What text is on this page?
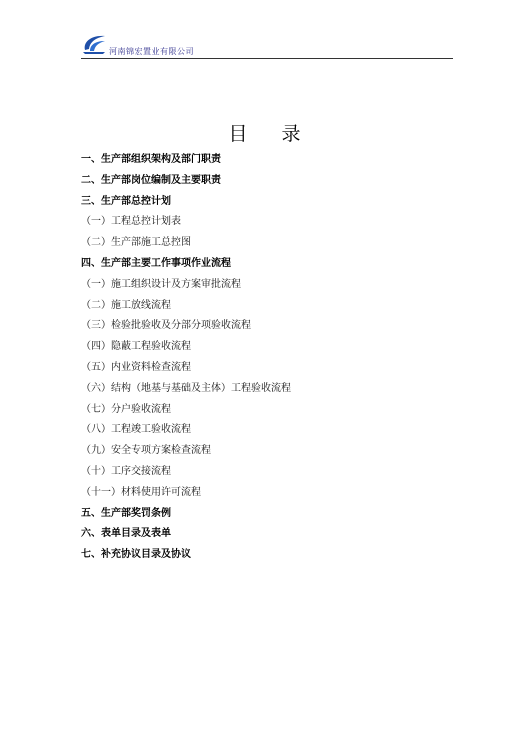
河南锦宏置业有限公司
目 录
一、生产部组织架构及部门职责
二、生产部岗位编制及主要职责
三、生产部总控计划
（一）工程总控计划表
（二）生产部施工总控图
四、生产部主要工作事项作业流程
（一）施工组织设计及方案审批流程
（二）施工放线流程
（三）检验批验收及分部分项验收流程
（四）隐蔽工程验收流程
（五）内业资料检查流程
（六）结构（地基与基础及主体）工程验收流程
（七）分户验收流程
（八）工程竣工验收流程
（九）安全专项方案检查流程
（十）工序交接流程
（十一）材料使用许可流程
五、生产部奖罚条例
六、表单目录及表单
七、补充协议目录及协议
